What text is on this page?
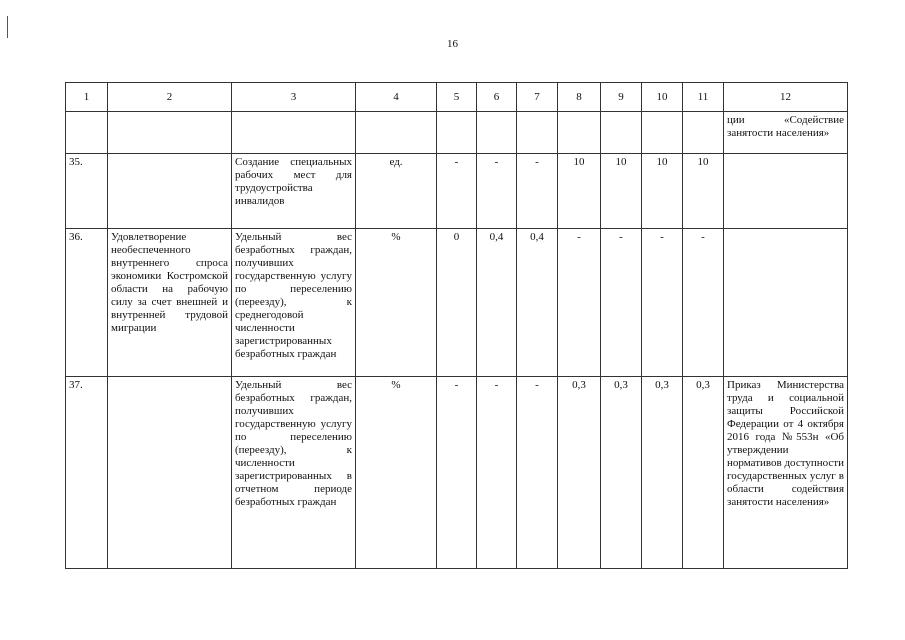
16
1	2	3	4	5	6	7	8	9	10	11	12
											ции «Содействие занятости населения»
35.		Создание специальных рабочих мест для трудоустройства инвалидов	ед.	-	-	-	10	10	10	10	
36.	Удовлетворение необеспеченного внутреннего спроса экономики Костромской области на рабочую силу за счет внешней и внутренней трудовой миграции	Удельный вес безработных граждан, получивших государственную услугу по переселению (переезду), к среднегодовой численности зарегистрированных безработных граждан	%	0	0,4	0,4	-	-	-	-	
37.		Удельный вес безработных граждан, получивших государственную услугу по переселению (переезду), к численности зарегистрированных в отчетном периоде безработных граждан	%	-	-	-	0,3	0,3	0,3	0,3	Приказ Министерства труда и социальной защиты Российской Федерации от 4 октября 2016 года №553н «Об утверждении нормативов доступности государственных услуг в области содействия занятости населения»
